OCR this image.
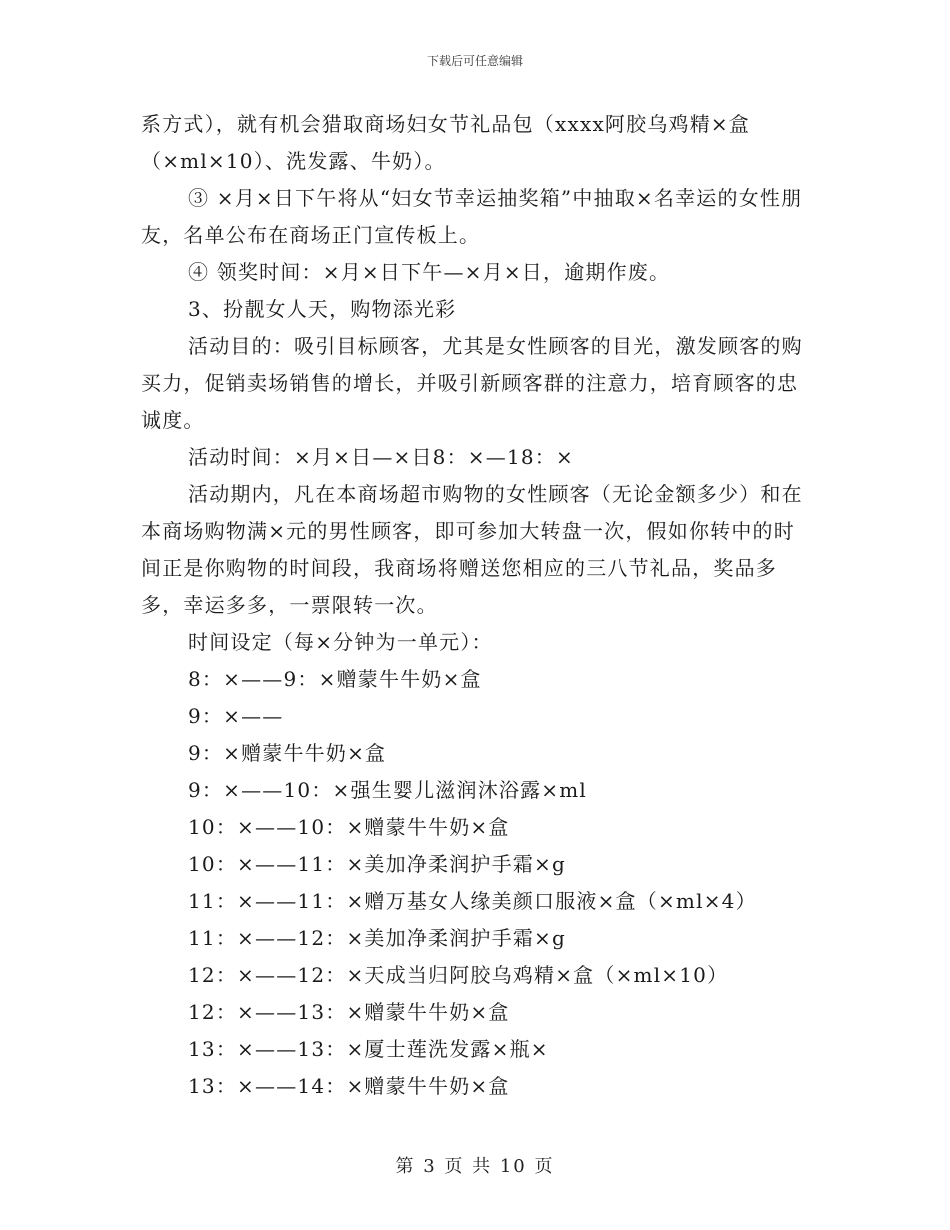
下载后可任意编辑

系方式），就有机会猎取商场妇女节礼品包（xxxx阿胶乌鸡精×盒（×ml×10）、洗发露、牛奶）。

③ ×月×日下午将从“妇女节幸运抽奖箱”中抽取×名幸运的女性朋友，名单公布在商场正门宣传板上。

④ 领奖时间：×月×日下午—×月×日，逾期作废。

3、扮靓女人天，购物添光彩

活动目的：吸引目标顾客，尤其是女性顾客的目光，激发顾客的购买力，促销卖场销售的增长，并吸引新顾客群的注意力，培育顾客的忠诚度。

活动时间：×月×日—×日8：×—18：×

活动期内，凡在本商场超市购物的女性顾客（无论金额多少）和在本商场购物满×元的男性顾客，即可参加大转盘一次，假如你转中的时间正是你购物的时间段，我商场将赠送您相应的三八节礼品，奖品多多，幸运多多，一票限转一次。

时间设定（每×分钟为一单元）：

8：×——9：×赠蒙牛牛奶×盒

9：×——

9：×赠蒙牛牛奶×盒

9：×——10：×强生婴儿滋润沐浴露×ml

10：×——10：×赠蒙牛牛奶×盒

10：×——11：×美加净柔润护手霜×g

11：×——11：×赠万基女人缘美颜口服液×盒（×ml×4）

11：×——12：×美加净柔润护手霜×g

12：×——12：×天成当归阿胶乌鸡精×盒（×ml×10）

12：×——13：×赠蒙牛牛奶×盒

13：×——13：×厦士莲洗发露×瓶×

13：×——14：×赠蒙牛牛奶×盒

第 3 页 共 10 页
